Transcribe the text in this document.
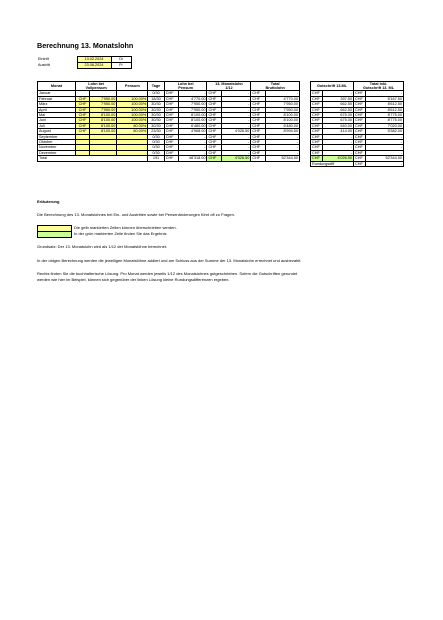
Berechnung 13. Monatslohn
Eintritt	13.02.2024	Di
Austritt	23.08.2024	Fr
Monat	Lohn bei		Pensum	Tage	Lohn bei		13. Monatslohn		Total	
	Vollpensum				Pensum		1/12		Bruttolohn	
Januar				0/30	CHF	-	CHF	-	CHF	-
Februar	CHF	7'950.00	100.00%	18/30	CHF	4'770.00	CHF	-	CHF	4'770.00
März	CHF	7'950.00	100.00%	30/30	CHF	7'950.00	CHF	-	CHF	7'950.00
April	CHF	7'950.00	100.00%	30/30	CHF	7'950.00	CHF	-	CHF	7'950.00
Mai	CHF	8'100.00	100.00%	30/30	CHF	8'100.00	CHF	-	CHF	8'100.00
Juni	CHF	8'100.00	100.00%	30/30	CHF	8'100.00	CHF	-	CHF	8'100.00
Juli	CHF	8'100.00	80.00%	30/30	CHF	6'480.00	CHF	-	CHF	6'480.00
August	CHF	8'100.00	80.00%	23/30	CHF	4'968.00	CHF	4'026.50	CHF	8'994.50
September				0/30	CHF	-	CHF	-	CHF	-
Oktober				0/30	CHF	-	CHF	-	CHF	-
November				0/30	CHF	-	CHF	-	CHF	-
Dezember				0/30	CHF	-	CHF	-	CHF	-
Total				191	CHF	48'318.00	CHF	4'026.50	CHF	52'344.50
Gutschrift 13.ML		Total inkl.	
		Gutschrift 13. ML	
CHF	-	CHF	-
CHF	397.50	CHF	5'167.50
CHF	662.50	CHF	8'612.50
CHF	662.50	CHF	8'612.50
CHF	675.00	CHF	8'775.00
CHF	675.00	CHF	8'775.00
CHF	540.00	CHF	7'020.00
CHF	414.00	CHF	5'382.00
CHF	-	CHF	-
CHF	-	CHF	-
CHF	-	CHF	-
CHF	-	CHF	-
CHF	4'026.50	CHF	52'344.50
Rundungsdiff		CHF	-
Erläuterung
Die Berechnung des 13. Monatslohnes bei Ein- und Austritten sowie bei Pensenänderungen führt oft zu Fragen.
Die gelb markierten Zellen können überschrieben werden.
In der grün markierten Zelle finden Sie das Ergebnis
Grundsatz: Der 13. Monatslohn wird als 1/12 der Monatslöhne berechnet.
In der obigen Berechnung werden die jeweiligen Monatslöhne addiert und am Schluss aus der Summe der 13. Monatslohn errechnet und ausbezahlt.
Rechts finden Sie die buchhalterische Lösung. Pro Monat werden jeweils 1/12 des Monatslohnes gutgeschrieben. Sofern die Gutschriften gerundet
werden wie hier im Beispiel, können sich gegenüber der linken Lösung kleine Rundungsdifferenzen ergeben.
